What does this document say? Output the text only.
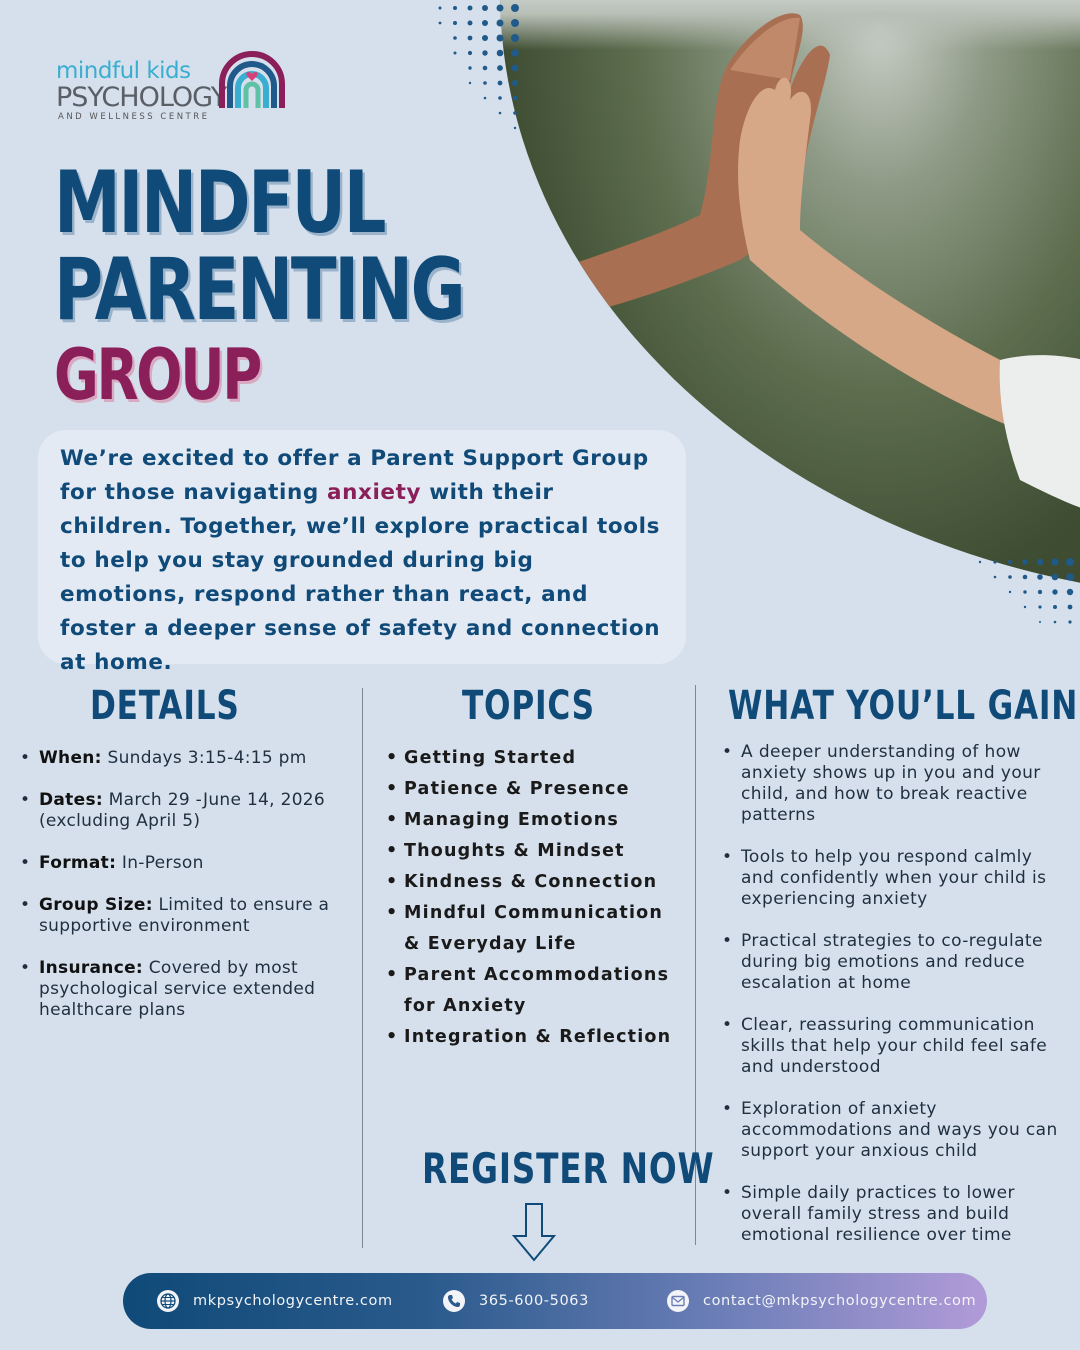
mindful kids
PSYCHOLOGY
AND WELLNESS CENTRE
MINDFUL
PARENTING
GROUP

We’re excited to offer a Parent Support Group for those navigating anxiety with their children. Together, we’ll explore practical tools to help you stay grounded during big emotions, respond rather than react, and foster a deeper sense of safety and connection at home.

DETAILS	TOPICS	WHAT YOU’LL GAIN
• When: Sundays 3:15-4:15 pm
• Dates: March 29 -June 14, 2026 (excluding April 5)
• Format: In-Person
• Group Size: Limited to ensure a supportive environment
• Insurance: Covered by most psychological service extended healthcare plans
• Getting Started
• Patience & Presence
• Managing Emotions
• Thoughts & Mindset
• Kindness & Connection
• Mindful Communication & Everyday Life
• Parent Accommodations for Anxiety
• Integration & Reflection
• A deeper understanding of how anxiety shows up in you and your child, and how to break reactive patterns
• Tools to help you respond calmly and confidently when your child is experiencing anxiety
• Practical strategies to co-regulate during big emotions and reduce escalation at home
• Clear, reassuring communication skills that help your child feel safe and understood
• Exploration of anxiety accommodations and ways you can support your anxious child
• Simple daily practices to lower overall family stress and build emotional resilience over time
REGISTER NOW
mkpsychologycentre.com	365-600-5063	contact@mkpsychologycentre.com
